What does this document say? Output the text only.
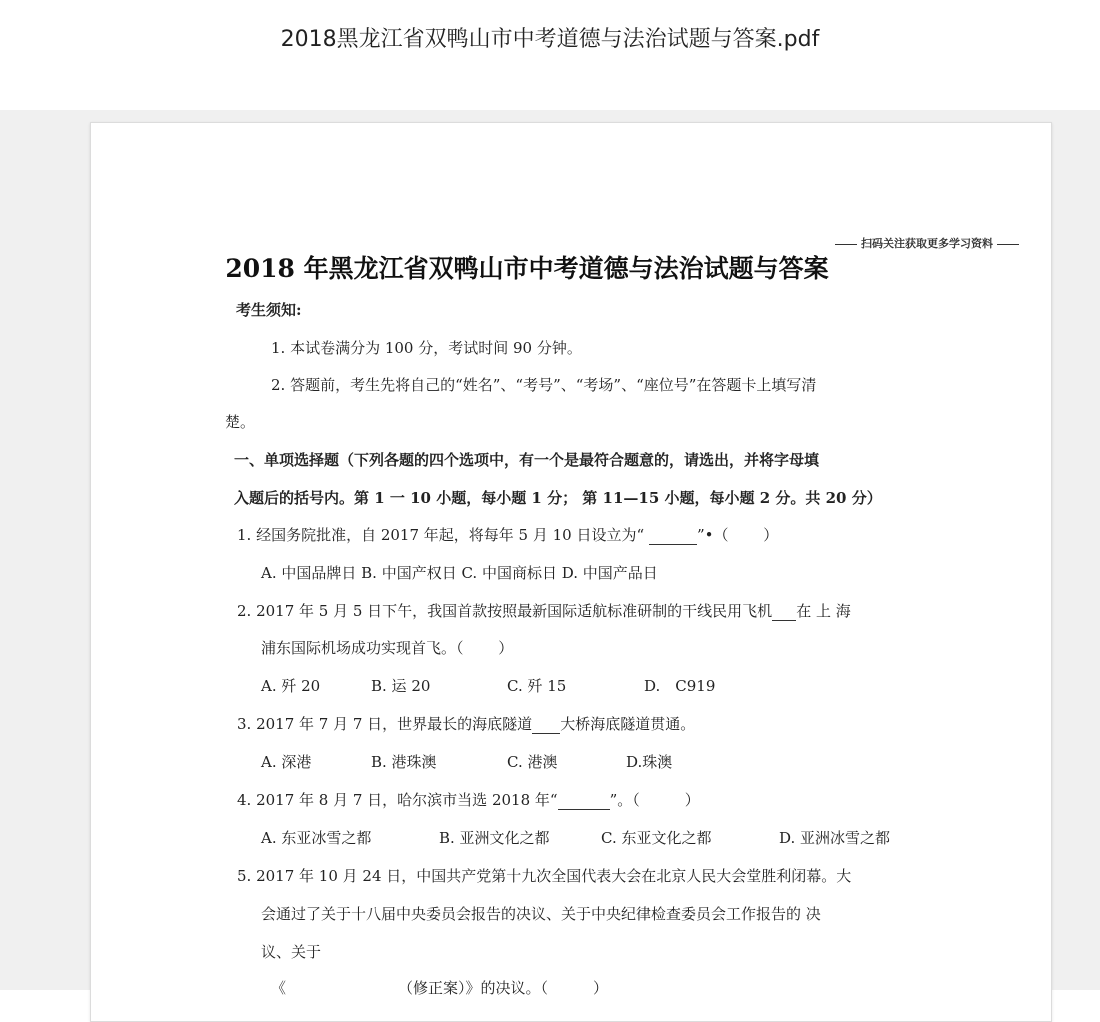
2018黑龙江省双鸭山市中考道德与法治试题与答案.pdf
扫码关注获取更多学习资料
2018 年黑龙江省双鸭山市中考道德与法治试题与答案
考生须知:
1. 本试卷满分为 100 分，考试时间 90 分钟。
2. 答题前，考生先将自己的“姓名”、“考号”、“考场”、“座位号”在答题卡上填写清
楚。
一、单项选择题（下列各题的四个选项中，有一个是最符合题意的，请选出，并将字母填
入题后的括号内。第 1 一 10 小题，每小题 1 分； 第 11—15 小题，每小题 2 分。共 20 分）
1. 经国务院批准，自 2017 年起，将每年 5 月 10 日设立为“	”•（　　 ）
A. 中国品牌日 B. 中国产权日 C. 中国商标日 D. 中国产品日
2. 2017 年 5 月 5 日下午，我国首款按照最新国际适航标准研制的干线民用飞机 在 上 海
浦东国际机场成功实现首飞。（　　 ）
A. 歼 20	B. 运 20	C. 歼 15	D.　C919
3. 2017 年 7 月 7 日，世界最长的海底隧道 大桥海底隧道贯通。
A. 深港	B. 港珠澳	C. 港澳	D.珠澳
4. 2017 年 8 月 7 日，哈尔滨市当选 2018 年“	”。（　　　）
A. 东亚冰雪之都	B. 亚洲文化之都	C. 东亚文化之都	D. 亚洲冰雪之都
5. 2017 年 10 月 24 日，中国共产党第十九次全国代表大会在北京人民大会堂胜利闭幕。大
会通过了关于十八届中央委员会报告的决议、关于中央纪律检查委员会工作报告的 决
议、关于
《	（修正案）》的决议。（　　　）
